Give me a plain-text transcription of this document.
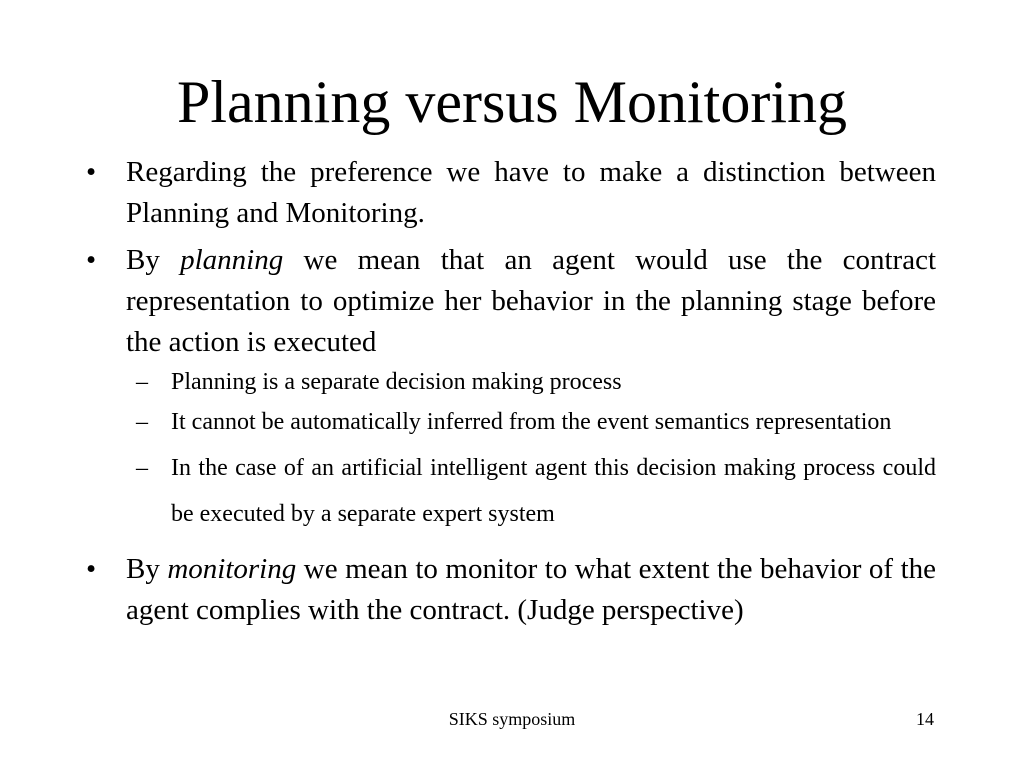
Planning versus Monitoring
• Regarding the preference we have to make a distinction between Planning and Monitoring.
• By planning we mean that an agent would use the contract representation to optimize her behavior in the planning stage before the action is executed
– Planning is a separate decision making process
– It cannot be automatically inferred from the event semantics representation
– In the case of an artificial intelligent agent this decision making process could be executed by a separate expert system
• By monitoring we mean to monitor to what extent the behavior of the agent complies with the contract. (Judge perspective)
SIKS symposium	14
